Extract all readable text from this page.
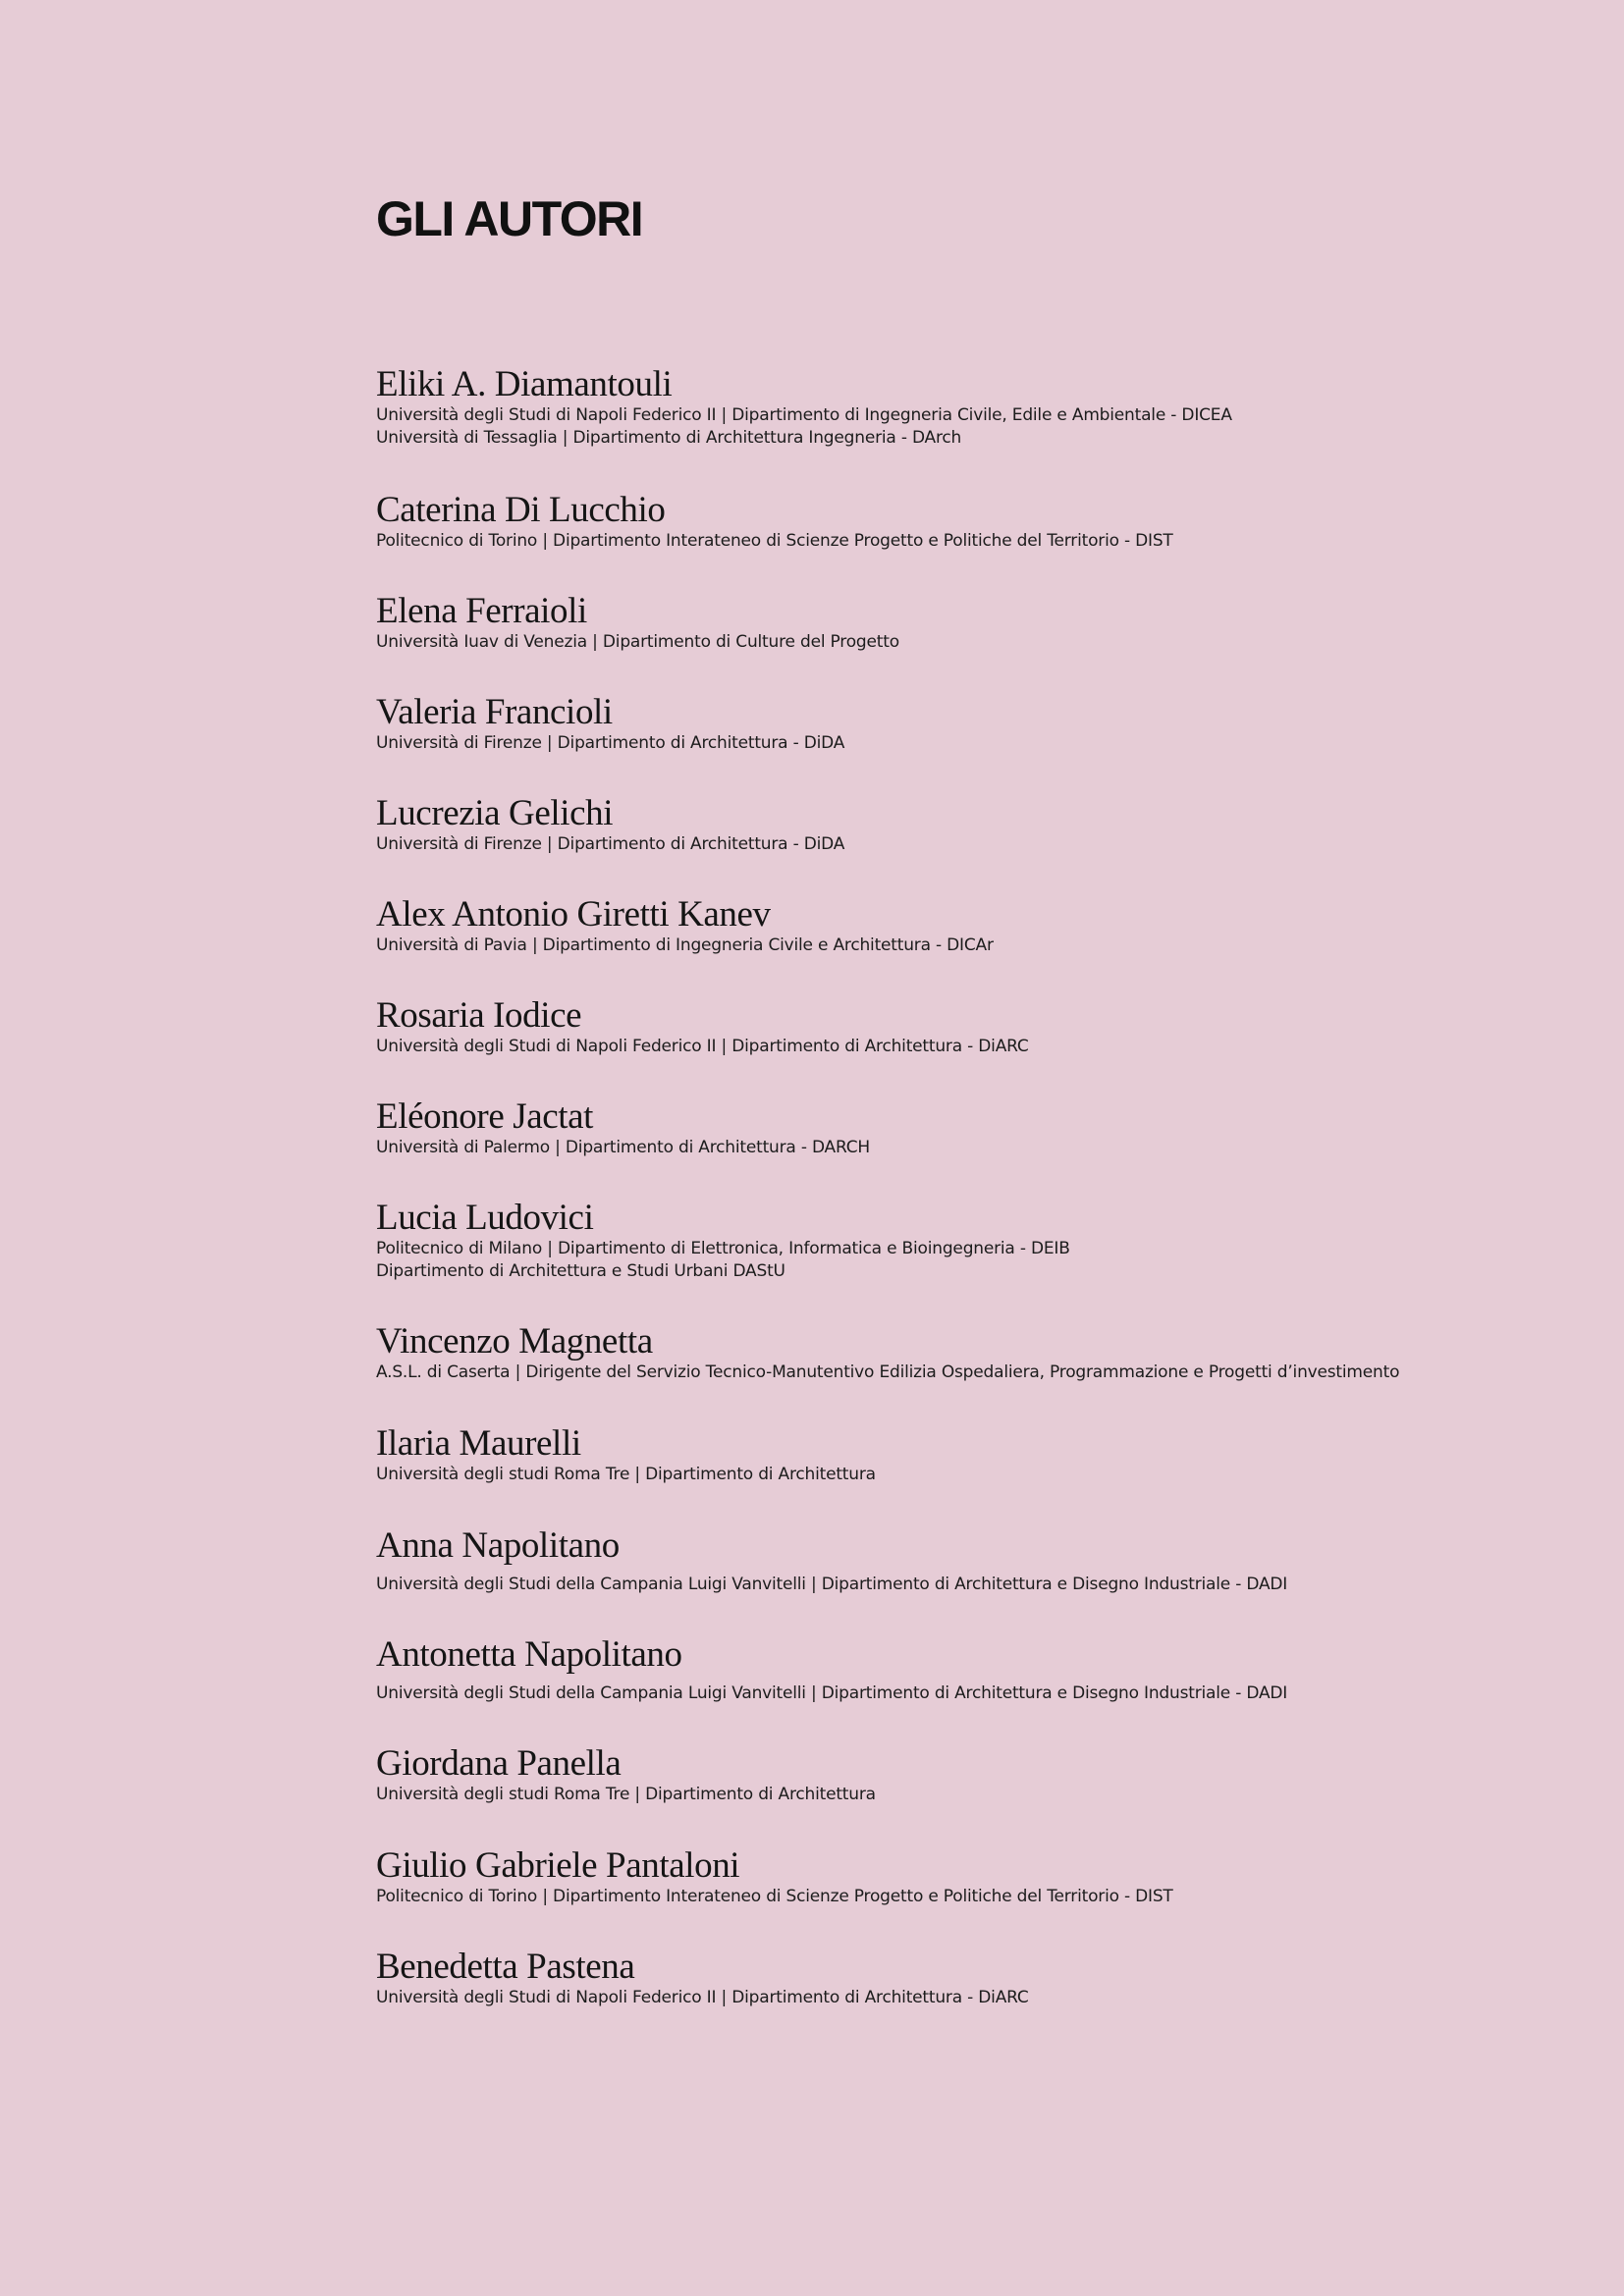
GLI AUTORI
Eliki A. Diamantouli
Università degli Studi di Napoli Federico II | Dipartimento di Ingegneria Civile, Edile e Ambientale - DICEA
Università di Tessaglia | Dipartimento di Architettura Ingegneria - DArch
Caterina Di Lucchio
Politecnico di Torino | Dipartimento Interateneo di Scienze Progetto e Politiche del Territorio - DIST
Elena Ferraioli
Università Iuav di Venezia | Dipartimento di Culture del Progetto
Valeria Francioli
Università di Firenze | Dipartimento di Architettura - DiDA
Lucrezia Gelichi
Università di Firenze | Dipartimento di Architettura - DiDA
Alex Antonio Giretti Kanev
Università di Pavia | Dipartimento di Ingegneria Civile e Architettura - DICAr
Rosaria Iodice
Università degli Studi di Napoli Federico II | Dipartimento di Architettura - DiARC
Eléonore Jactat
Università di Palermo | Dipartimento di Architettura - DARCH
Lucia Ludovici
Politecnico di Milano | Dipartimento di Elettronica, Informatica e Bioingegneria - DEIB
Dipartimento di Architettura e Studi Urbani DAStU
Vincenzo Magnetta
A.S.L. di Caserta | Dirigente del Servizio Tecnico-Manutentivo Edilizia Ospedaliera, Programmazione e Progetti d’investimento
Ilaria Maurelli
Università degli studi Roma Tre | Dipartimento di Architettura
Anna Napolitano
Università degli Studi della Campania Luigi Vanvitelli | Dipartimento di Architettura e Disegno Industriale - DADI
Antonetta Napolitano
Università degli Studi della Campania Luigi Vanvitelli | Dipartimento di Architettura e Disegno Industriale - DADI
Giordana Panella
Università degli studi Roma Tre | Dipartimento di Architettura
Giulio Gabriele Pantaloni
Politecnico di Torino | Dipartimento Interateneo di Scienze Progetto e Politiche del Territorio - DIST
Benedetta Pastena
Università degli Studi di Napoli Federico II | Dipartimento di Architettura - DiARC
